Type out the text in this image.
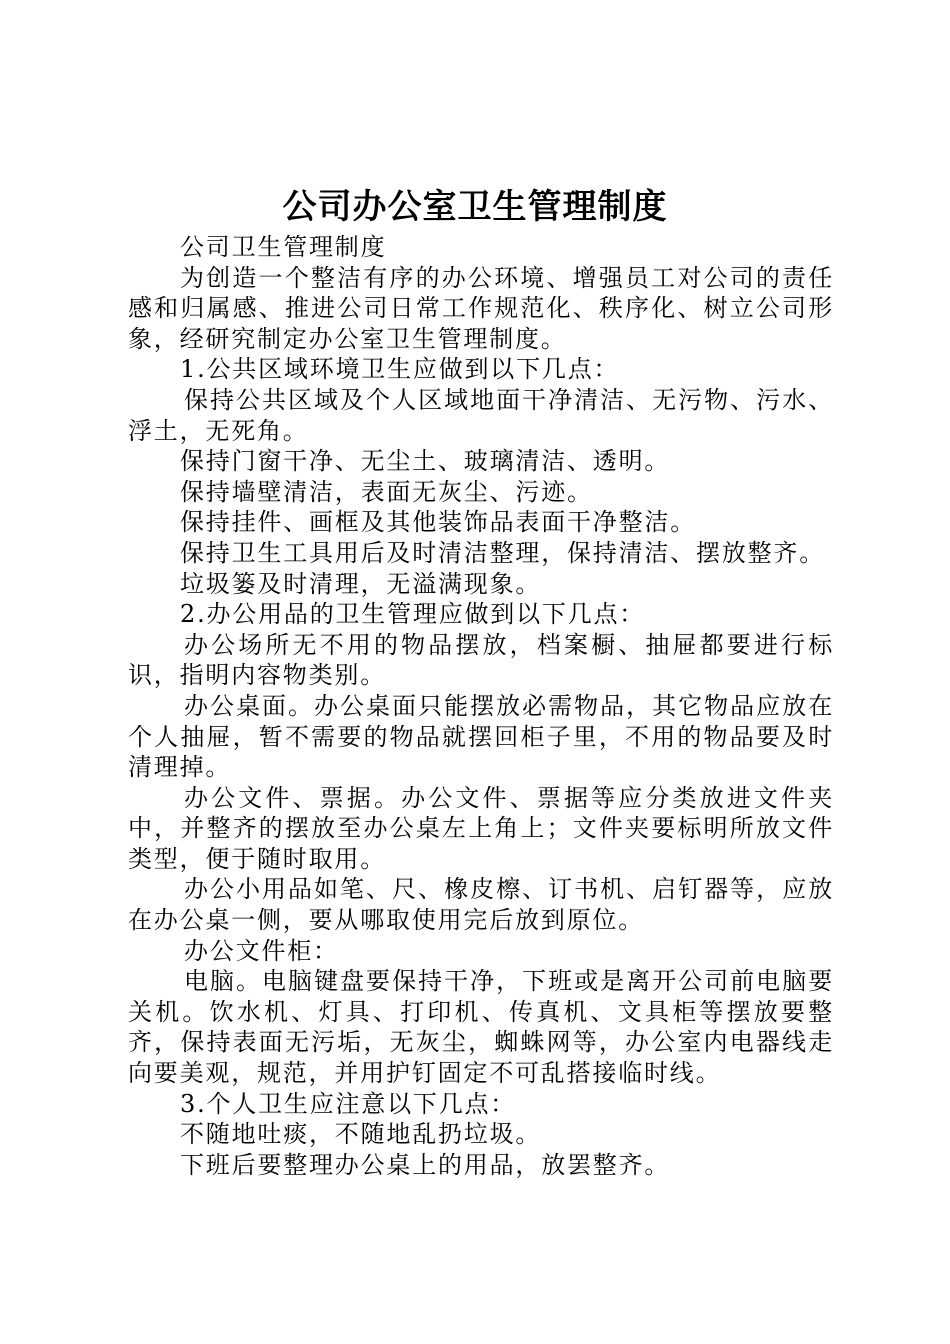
公司办公室卫生管理制度

公司卫生管理制度

为创造一个整洁有序的办公环境、增强员工对公司的责任感和归属感、推进公司日常工作规范化、秩序化、树立公司形象，经研究制定办公室卫生管理制度。

1.公共区域环境卫生应做到以下几点：

保持公共区域及个人区域地面干净清洁、无污物、污水、浮土，无死角。

保持门窗干净、无尘土、玻璃清洁、透明。

保持墙壁清洁，表面无灰尘、污迹。

保持挂件、画框及其他装饰品表面干净整洁。

保持卫生工具用后及时清洁整理，保持清洁、摆放整齐。

垃圾篓及时清理，无溢满现象。

2.办公用品的卫生管理应做到以下几点：

办公场所无不用的物品摆放，档案橱、抽屉都要进行标识，指明内容物类别。

办公桌面。办公桌面只能摆放必需物品，其它物品应放在个人抽屉，暂不需要的物品就摆回柜子里，不用的物品要及时清理掉。

办公文件、票据。办公文件、票据等应分类放进文件夹中，并整齐的摆放至办公桌左上角上；文件夹要标明所放文件类型，便于随时取用。

办公小用品如笔、尺、橡皮檫、订书机、启钉器等，应放在办公桌一侧，要从哪取使用完后放到原位。

办公文件柜：

电脑。电脑键盘要保持干净，下班或是离开公司前电脑要关机。饮水机、灯具、打印机、传真机、文具柜等摆放要整齐，保持表面无污垢，无灰尘，蜘蛛网等，办公室内电器线走向要美观，规范，并用护钉固定不可乱搭接临时线。

3.个人卫生应注意以下几点：

不随地吐痰，不随地乱扔垃圾。

下班后要整理办公桌上的用品，放罢整齐。
